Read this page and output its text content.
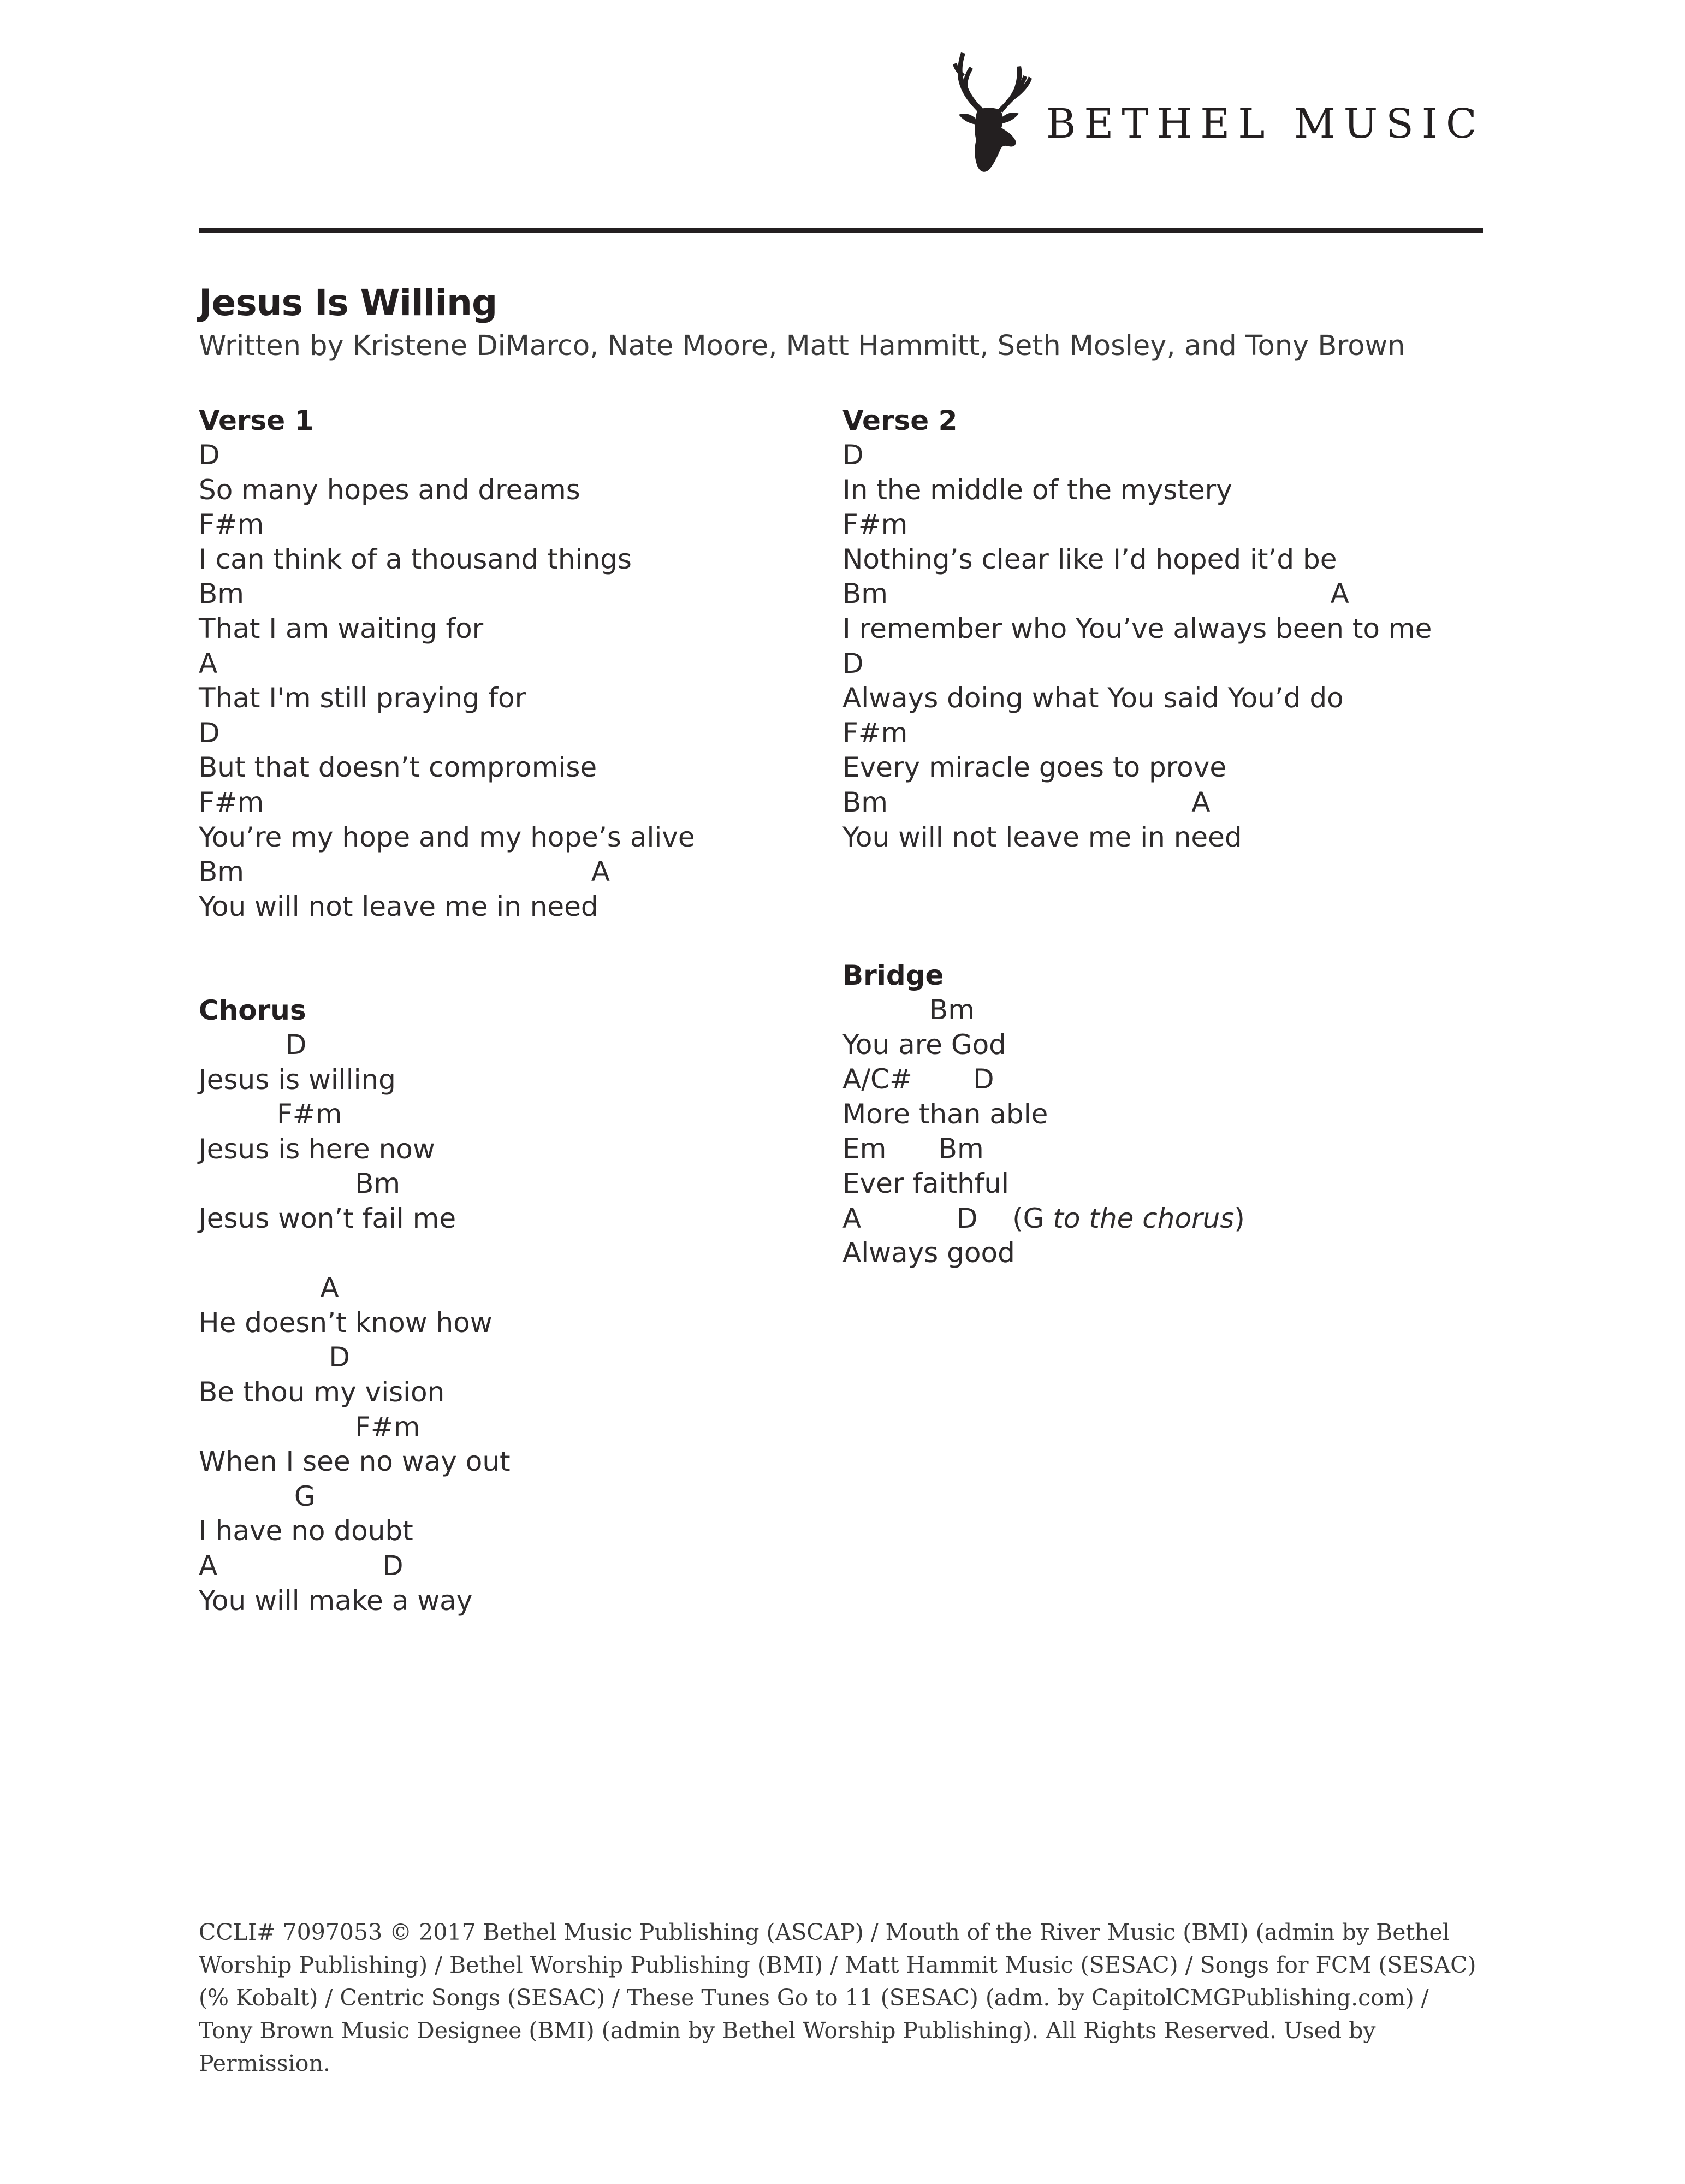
BETHEL MUSIC
Jesus Is Willing
Written by Kristene DiMarco, Nate Moore, Matt Hammitt, Seth Mosley, and Tony Brown
Verse 1
D
So many hopes and dreams
F#m
I can think of a thousand things
Bm
That I am waiting for
A
That I'm still praying for
D
But that doesn’t compromise
F#m
You’re my hope and my hope’s alive
Bm                                        A
You will not leave me in need
Verse 2
D
In the middle of the mystery
F#m
Nothing’s clear like I’d hoped it’d be
Bm                                                   A
I remember who You’ve always been to me
D
Always doing what You said You’d do
F#m
Every miracle goes to prove
Bm                                   A
You will not leave me in need
Chorus
D
Jesus is willing
F#m
Jesus is here now
Bm
Jesus won’t fail me
A
He doesn’t know how
D
Be thou my vision
F#m
When I see no way out
G
I have no doubt
A                   D
You will make a way
Bridge
Bm
You are God
A/C#       D
More than able
Em      Bm
Ever faithful
A           D    (G to the chorus)
Always good
CCLI# 7097053 © 2017 Bethel Music Publishing (ASCAP) / Mouth of the River Music (BMI) (admin by Bethel Worship Publishing) / Bethel Worship Publishing (BMI) / Matt Hammit Music (SESAC) / Songs for FCM (SESAC) (% Kobalt) / Centric Songs (SESAC) / These Tunes Go to 11 (SESAC) (adm. by CapitolCMGPublishing.com) / Tony Brown Music Designee (BMI) (admin by Bethel Worship Publishing). All Rights Reserved. Used by Permission.
